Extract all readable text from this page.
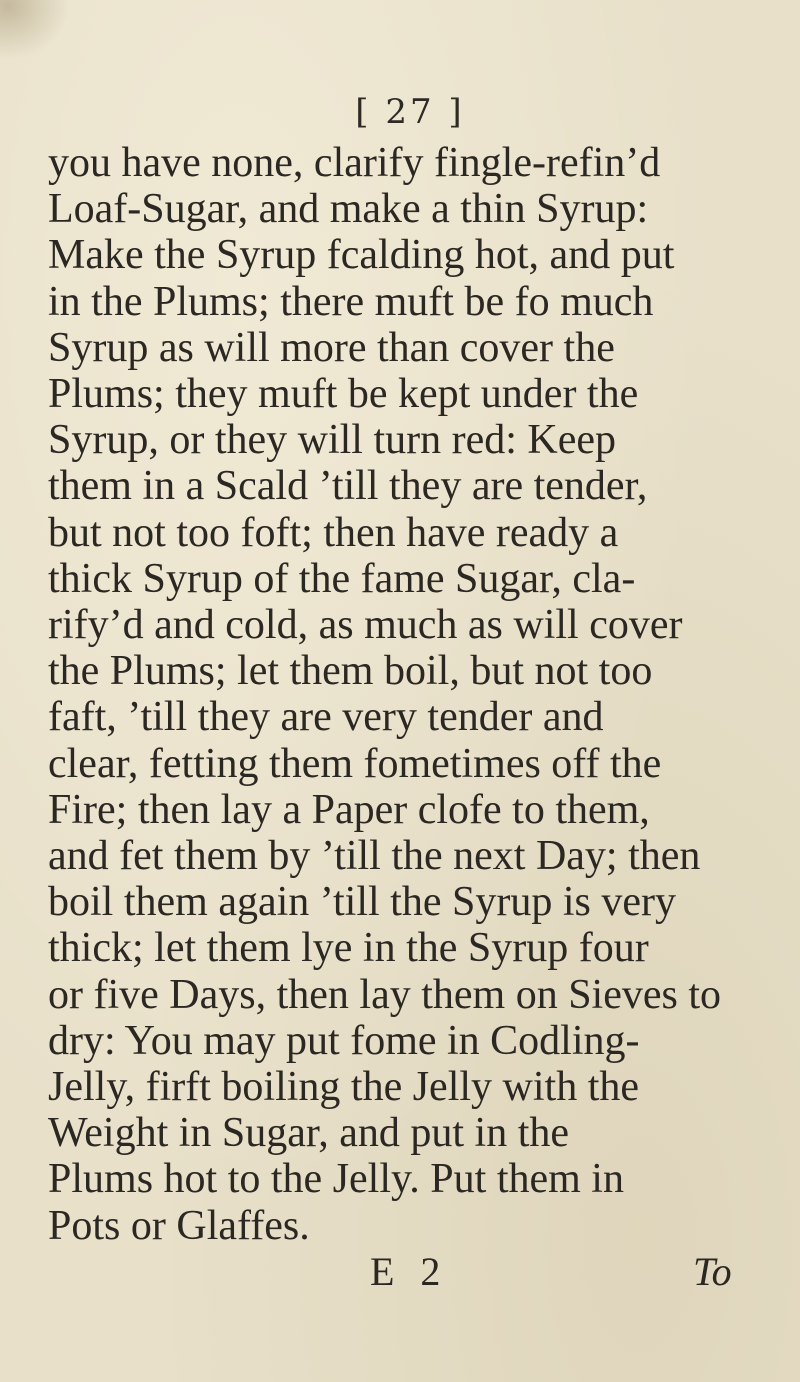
[ 27 ]

you have none, clarify fingle-refin’d
Loaf-Sugar, and make a thin Syrup:
Make the Syrup fcalding hot, and put
in the Plums; there muft be fo much
Syrup as will more than cover the
Plums; they muft be kept under the
Syrup, or they will turn red: Keep
them in a Scald ’till they are tender,
but not too foft; then have ready a
thick Syrup of the fame Sugar, cla-
rify’d and cold, as much as will cover
the Plums; let them boil, but not too
faft, ’till they are very tender and
clear, fetting them fometimes off the
Fire; then lay a Paper clofe to them,
and fet them by ’till the next Day; then
boil them again ’till the Syrup is very
thick; let them lye in the Syrup four
or five Days, then lay them on Sieves to
dry: You may put fome in Codling-
Jelly, firft boiling the Jelly with the
Weight in Sugar, and put in the
Plums hot to the Jelly. Put them in
Pots or Glaffes.
E 2	To
